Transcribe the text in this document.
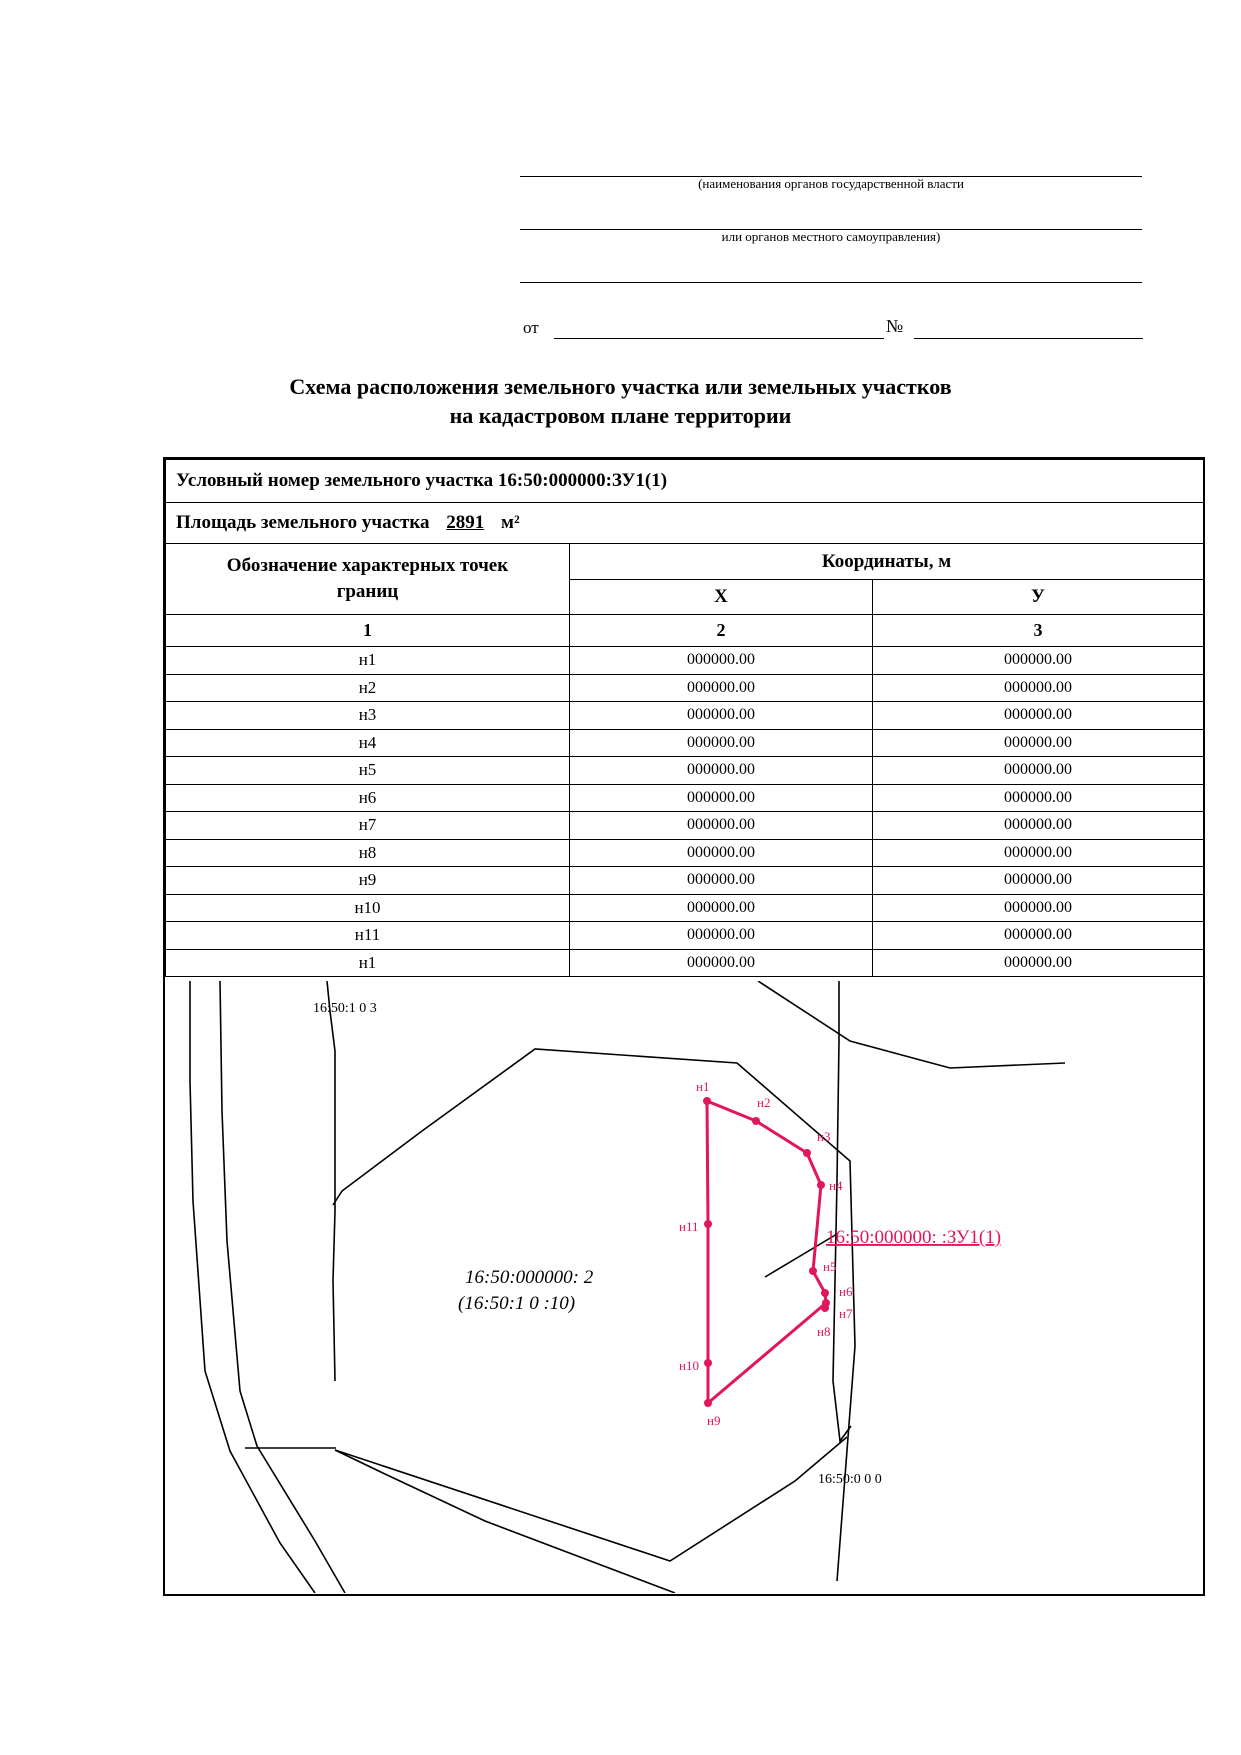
(наименования органов государственной власти
или органов местного самоуправления)
от	№
Схема расположения земельного участка или земельных участков
на кадастровом плане территории
Условный номер земельного участка 16:50:000000:ЗУ1(1)		
Площадь земельного участка 2891 м²		
Обозначение характерных точек границ	Координаты, м	
	X	У
1	2	3
н1	000000.00	000000.00
н2	000000.00	000000.00
н3	000000.00	000000.00
н4	000000.00	000000.00
н5	000000.00	000000.00
н6	000000.00	000000.00
н7	000000.00	000000.00
н8	000000.00	000000.00
н9	000000.00	000000.00
н10	000000.00	000000.00
н11	000000.00	000000.00
н1	000000.00	000000.00
16:50:1 0 3
16:50:0 0 0
16:50:000000: 2
(16:50:1 0 :10)
16:50:000000: :ЗУ1(1)
н1
н2
н3
н4
н5
н6
н7
н8
н9
н10
н11
